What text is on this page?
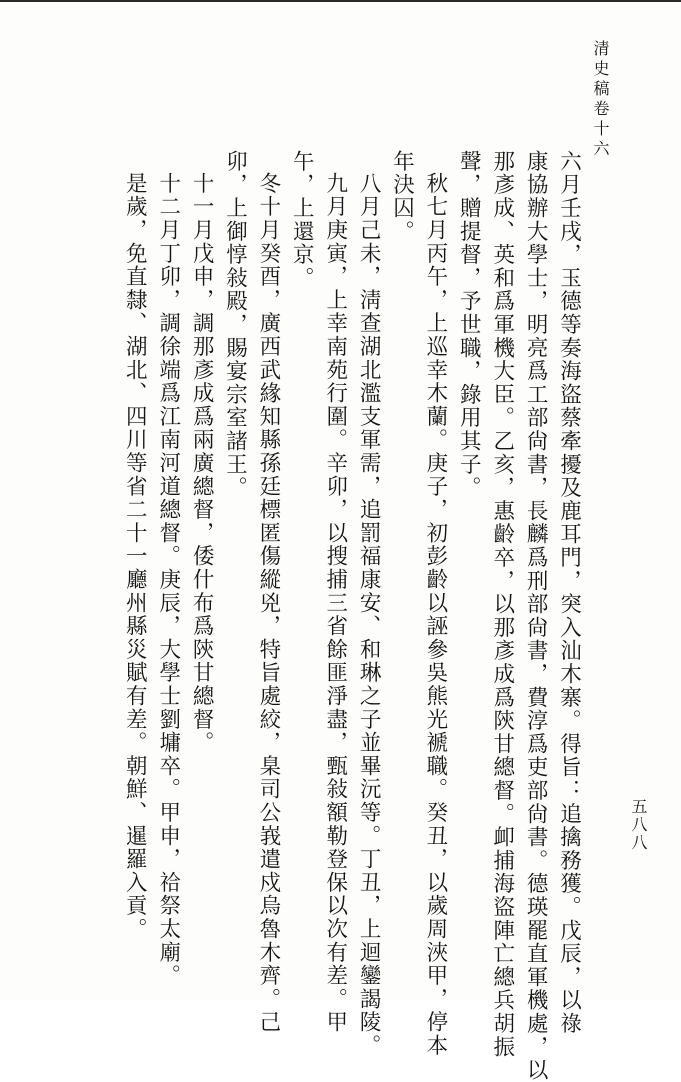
清史稿卷十六
五八八
六月壬戌，玉德等奏海盜蔡牽擾及鹿耳門，突入汕木寨。得旨：追擒務獲。戊辰，以祿
康協辦大學士，明亮爲工部尙書，長麟爲刑部尙書，費淳爲吏部尙書。德瑛罷直軍機處，以
那彥成、英和爲軍機大臣。乙亥，惠齡卒，以那彥成爲陝甘總督。卹捕海盜陣亡總兵胡振
聲，贈提督，予世職，錄用其子。
秋七月丙午，上巡幸木蘭。庚子，初彭齡以誣參吳熊光褫職。癸丑，以歲周浹甲，停本
年決囚。
八月己未，淸查湖北濫支軍需，追罰福康安、和琳之子並畢沅等。丁丑，上迴鑾謁陵。
九月庚寅，上幸南苑行圍。辛卯，以搜捕三省餘匪淨盡，甄敍額勒登保以次有差。甲
午，上還京。
冬十月癸酉，廣西武緣知縣孫廷標匿傷縱兇，特旨處絞，臬司公峩遣戍烏魯木齊。己
卯，上御惇敍殿，賜宴宗室諸王。
十一月戊申，調那彥成爲兩廣總督，倭什布爲陝甘總督。
十二月丁卯，調徐端爲江南河道總督。庚辰，大學士劉墉卒。甲申，祫祭太廟。
是歲，免直隸、湖北、四川等省二十一廳州縣災賦有差。朝鮮、暹羅入貢。
